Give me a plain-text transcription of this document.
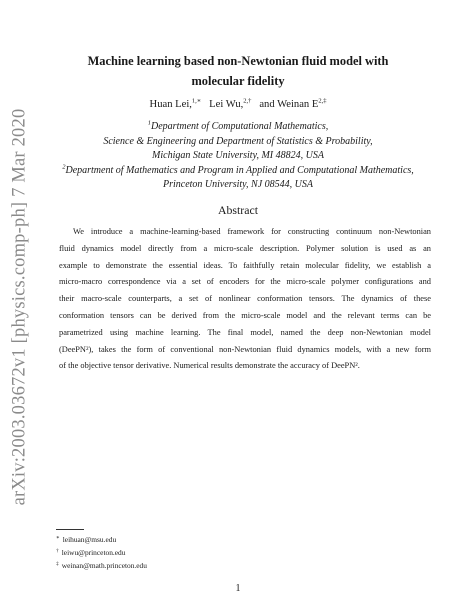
arXiv:2003.03672v1 [physics.comp-ph] 7 Mar 2020
Machine learning based non-Newtonian fluid model with
molecular fidelity
Huan Lei,$^{1,∗}$ Lei Wu,$^{2,\dagger}$ and Weinan $E^{2,\ddagger}$
$^1$Department of Computational Mathematics,
Science & Engineering and Department of Statistics & Probability,
Michigan State University, MI 48824, USA
$^2$Department of Mathematics and Program in Applied and Computational Mathematics,
Princeton University, NJ 08544, USA
Abstract
We introduce a machine-learning-based framework for constructing continuum non-Newtonian
fluid dynamics model directly from a micro-scale description. Polymer solution is used as an
example to demonstrate the essential ideas. To faithfully retain molecular fidelity, we establish a
micro-macro correspondence via a set of encoders for the micro-scale polymer configurations and
their macro-scale counterparts, a set of nonlinear conformation tensors. The dynamics of these
conformation tensors can be derived from the micro-scale model and the relevant terms can be
parametrized using machine learning. The final model, named the deep non-Newtonian model
(DeePN²), takes the form of conventional non-Newtonian fluid dynamics models, with a new form
of the objective tensor derivative. Numerical results demonstrate the accuracy of DeePN².
∗ leihuan@msu.edu
† leiwu@princeton.edu
‡ weinan@math.princeton.edu
1
